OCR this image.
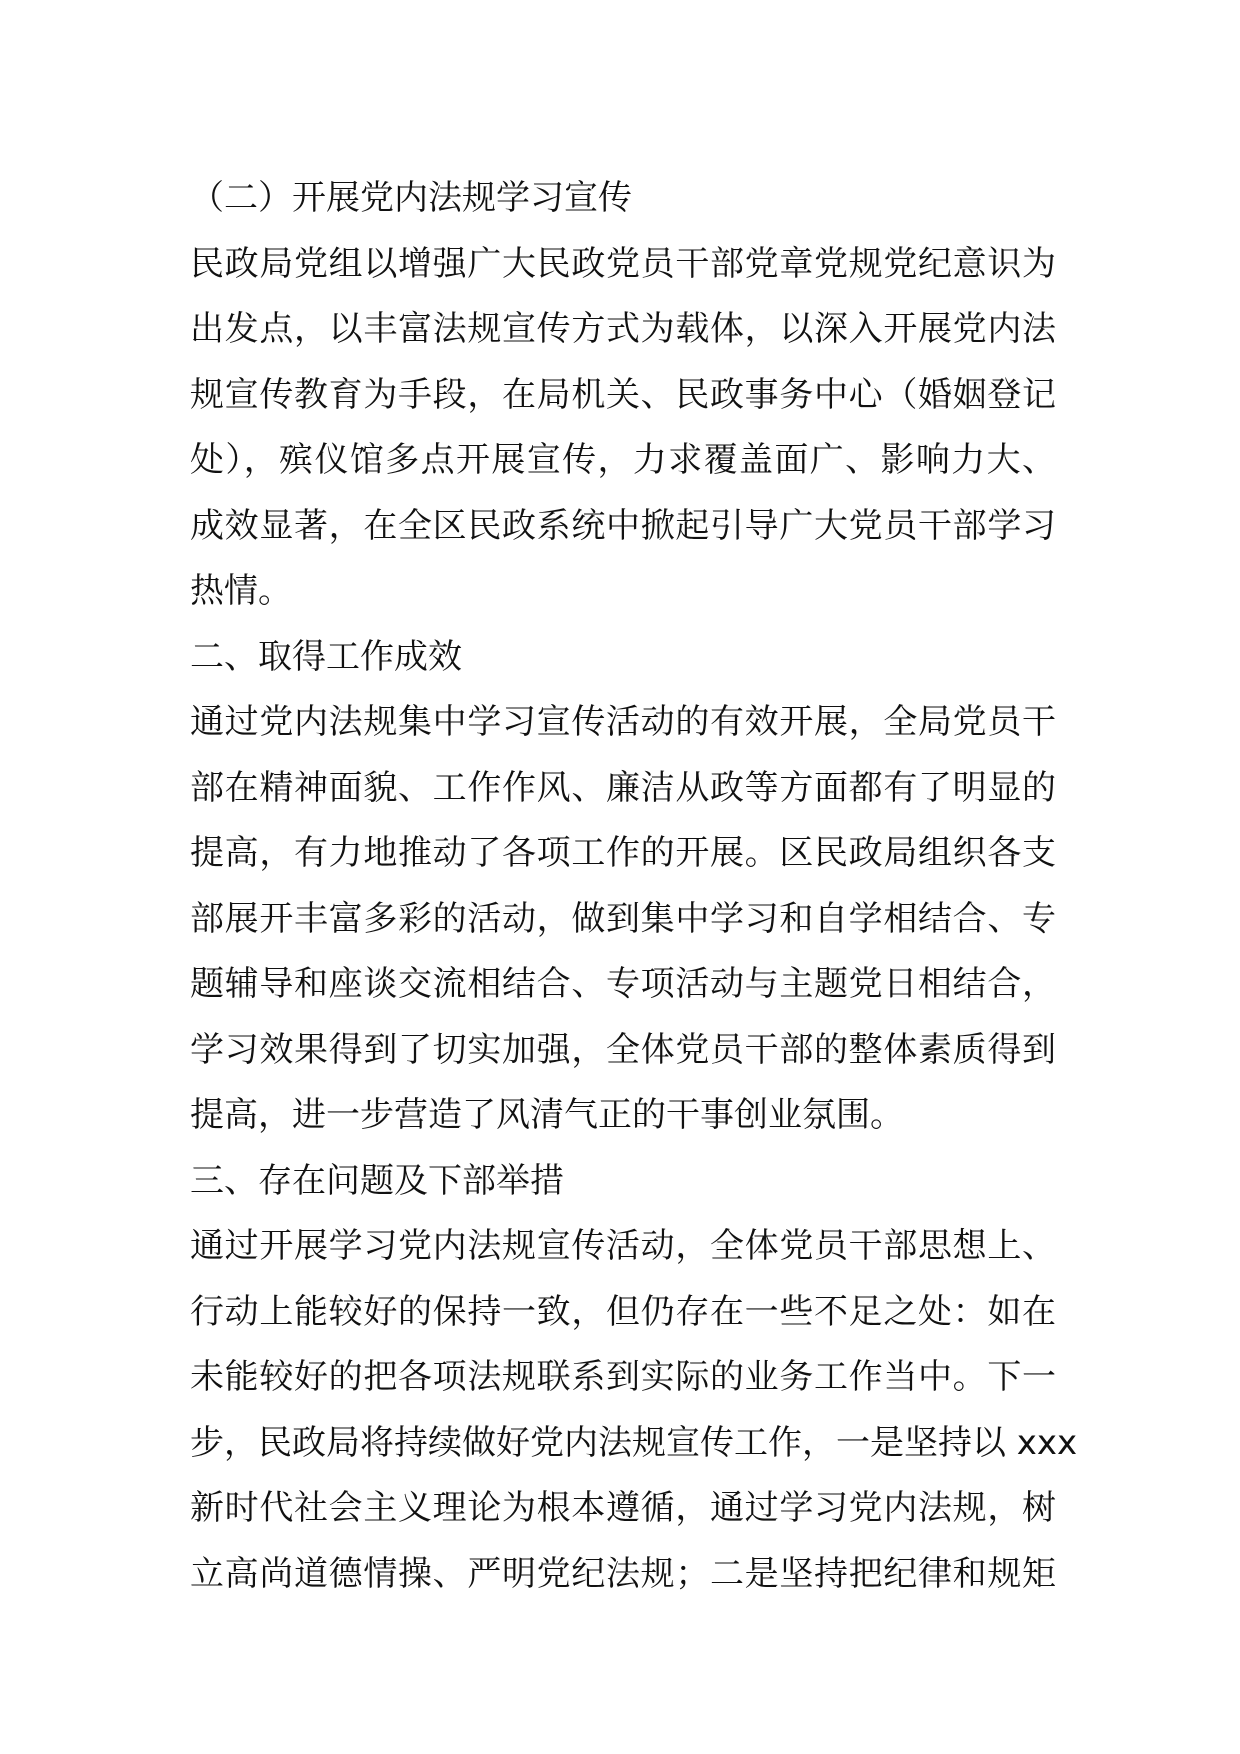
（二）开展党内法规学习宣传
民政局党组以增强广大民政党员干部党章党规党纪意识为
出发点，以丰富法规宣传方式为载体，以深入开展党内法
规宣传教育为手段，在局机关、民政事务中心（婚姻登记
处），殡仪馆多点开展宣传，力求覆盖面广、影响力大、
成效显著，在全区民政系统中掀起引导广大党员干部学习
热情。
二、取得工作成效
通过党内法规集中学习宣传活动的有效开展，全局党员干
部在精神面貌、工作作风、廉洁从政等方面都有了明显的
提高，有力地推动了各项工作的开展。区民政局组织各支
部展开丰富多彩的活动，做到集中学习和自学相结合、专
题辅导和座谈交流相结合、专项活动与主题党日相结合，
学习效果得到了切实加强，全体党员干部的整体素质得到
提高，进一步营造了风清气正的干事创业氛围。
三、存在问题及下部举措
通过开展学习党内法规宣传活动，全体党员干部思想上、
行动上能较好的保持一致，但仍存在一些不足之处：如在
未能较好的把各项法规联系到实际的业务工作当中。下一
步，民政局将持续做好党内法规宣传工作，一是坚持以 xxx
新时代社会主义理论为根本遵循，通过学习党内法规，树
立高尚道德情操、严明党纪法规；二是坚持把纪律和规矩
